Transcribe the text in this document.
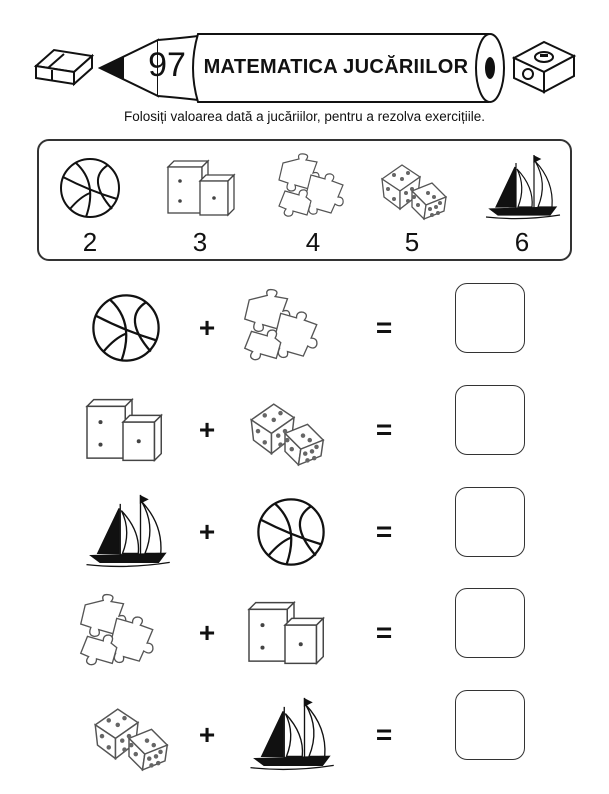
97 MATEMATICA JUCĂRIILOR
Folosiți valoarea dată a jucăriilor, pentru a rezolva exercițiile.
2	3	4	5	6
+	=
+	=
+	=
+	=
+	=
